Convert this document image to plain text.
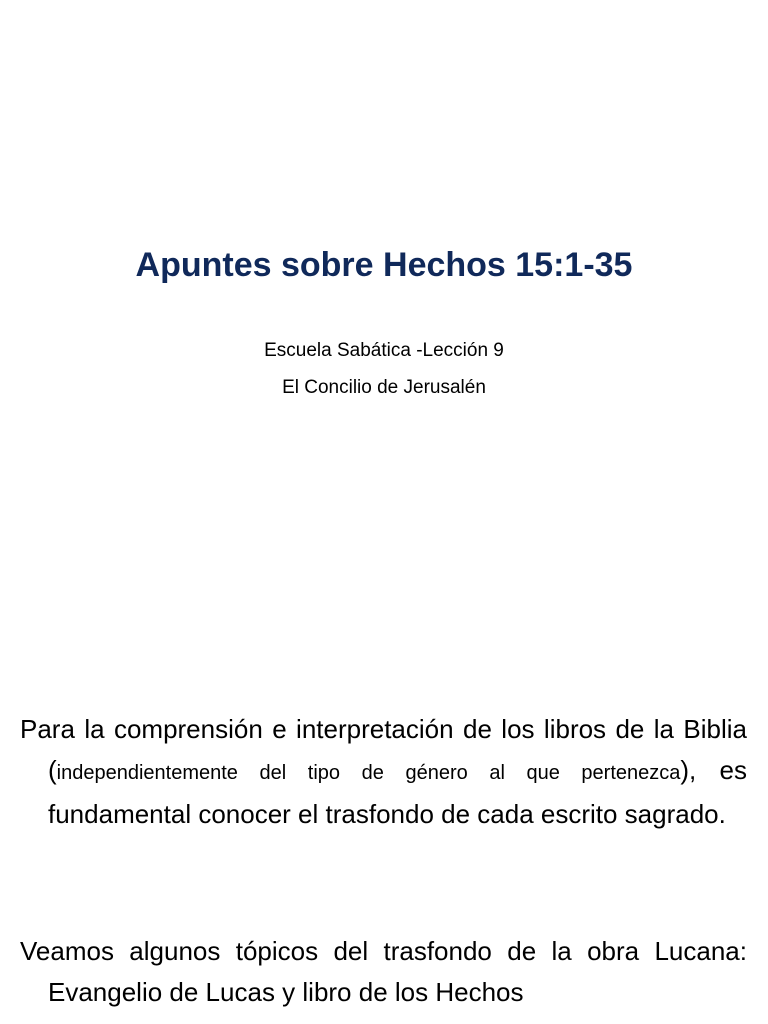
Apuntes sobre Hechos 15:1-35
Escuela Sabática -Lección 9
El Concilio de Jerusalén

Para la comprensión e interpretación de los libros de la Biblia (independientemente del tipo de género al que pertenezca), es fundamental conocer el trasfondo de cada escrito sagrado.

Veamos algunos tópicos del trasfondo de la obra Lucana: Evangelio de Lucas y libro de los Hechos
